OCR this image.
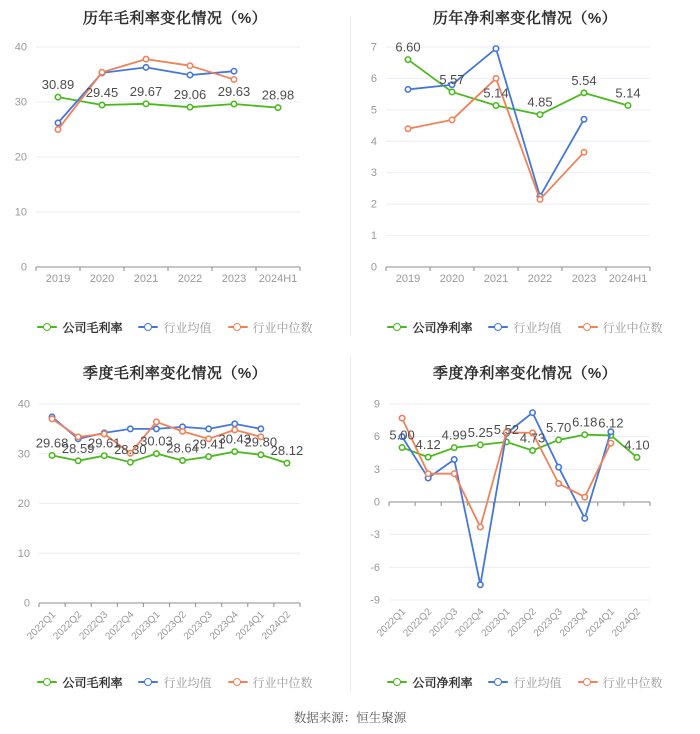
历年毛利率变化情况（%）
40
30
20
10
0
2019 2020 2021 2022 2023 2024H1
30.89
29.45 29.67 29.06 29.63 28.98
公司毛利率	行业均值	行业中位数
历年净利率变化情况（%）
7
6
5
4
3
2
1
0
2019 2020 2021 2022 2023 2024H1
6.60
5.57
5.14
4.85
5.54
5.14
公司净利率	行业均值	行业中位数
季度毛利率变化情况（%）
40
30
20
10
0
2022Q1
2022Q2
2022Q3
2022Q4
2023Q1
2023Q2
2023Q3
2023Q4
2024Q1
2024Q2
29.68
28.59
29.61
28.30
30.03
28.64
29.41
30.43
29.80
28.12
公司毛利率	行业均值	行业中位数
季度净利率变化情况（%）
9
6
3
0
-3
-6
-9
2022Q1
2022Q2
2022Q3
2022Q4
2023Q1
2023Q2
2023Q3
2023Q4
2024Q1
2024Q2
5.00
4.12
4.99 5.25 5.52
4.73
5.70 6.18 6.12
4.10
公司净利率	行业均值	行业中位数
数据来源：恒生聚源
